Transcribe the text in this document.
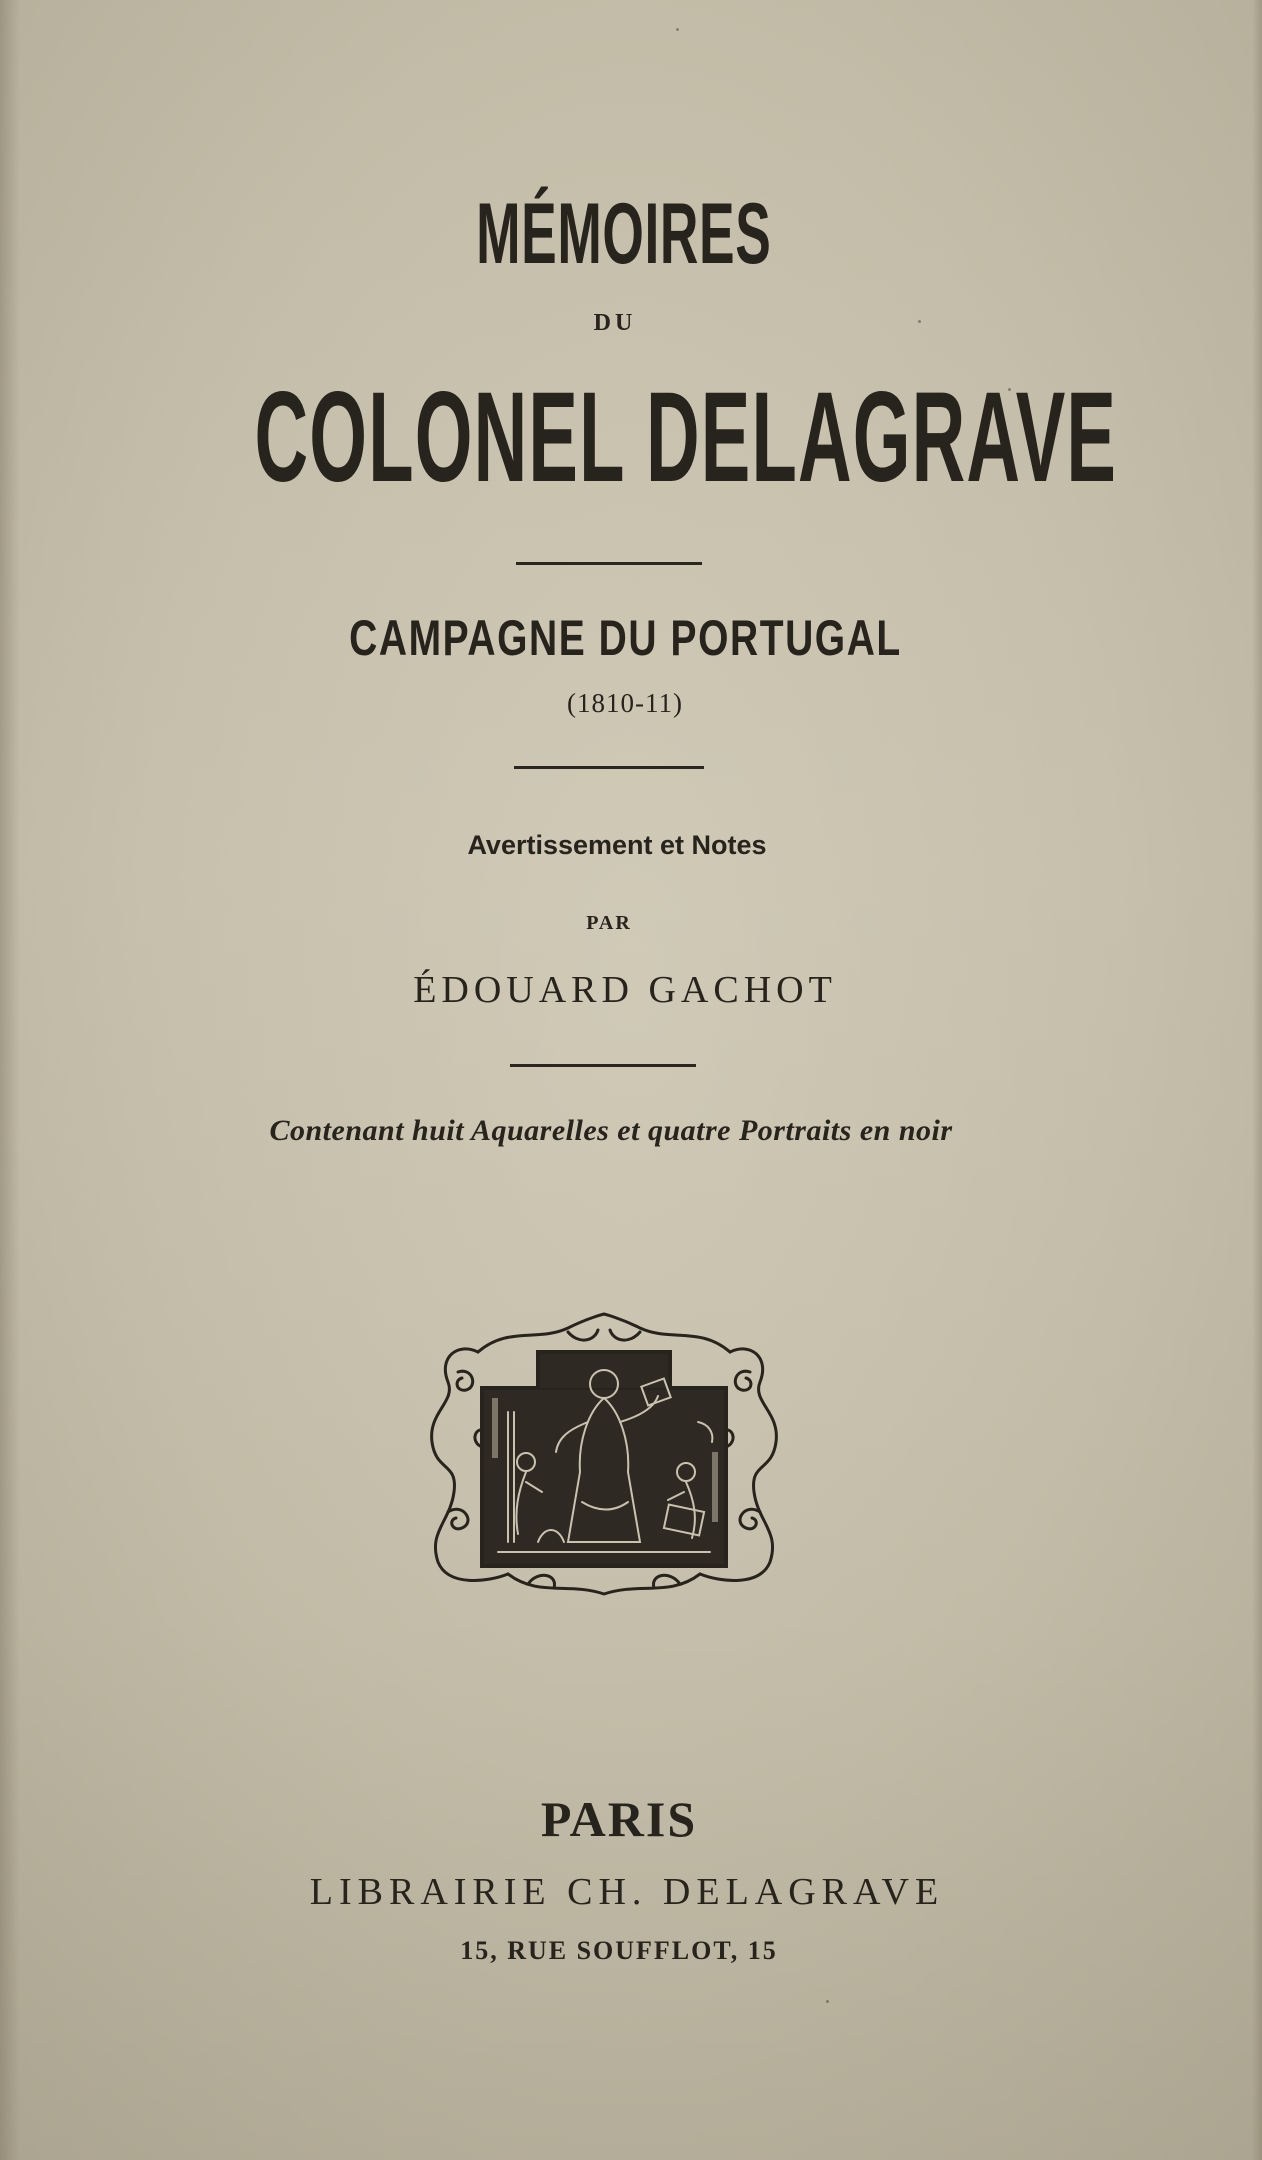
MÉMOIRES
DU
COLONEL DELAGRAVE
CAMPAGNE DU PORTUGAL
(1810-11)
Avertissement et Notes
PAR
ÉDOUARD GACHOT
Contenant huit Aquarelles et quatre Portraits en noir
PARIS
LIBRAIRIE CH. DELAGRAVE
15, RUE SOUFFLOT, 15
